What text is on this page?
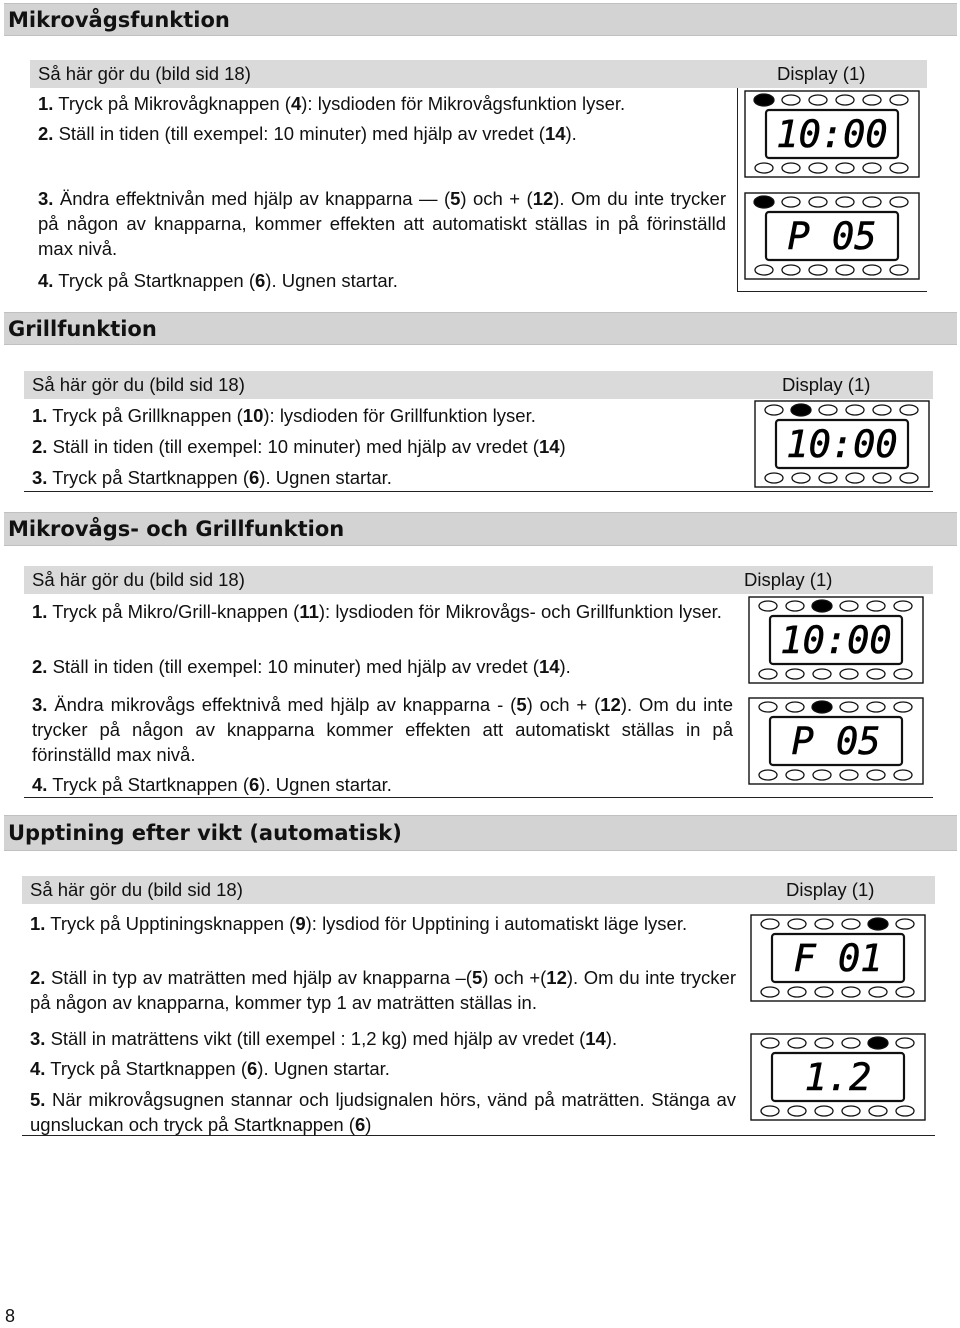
Mikrovågsfunktion
Så här gör du (bild sid 18)	Display (1)
1. Tryck på Mikrovågknappen (4): lysdioden för Mikrovågsfunktion lyser.
2. Ställ in tiden (till exempel: 10 minuter) med hjälp av vredet (14).
3. Ändra effektnivån med hjälp av knapparna — (5) och + (12). Om du inte trycker på någon av knapparna, kommer effekten att automatiskt ställas in på förinställd max nivå.
4. Tryck på Startknappen (6). Ugnen startar.
10:00
P 05
Grillfunktion
Så här gör du (bild sid 18)	Display (1)
1. Tryck på Grillknappen (10): lysdioden för Grillfunktion lyser.
2. Ställ in tiden (till exempel: 10 minuter) med hjälp av vredet (14)
3. Tryck på Startknappen (6). Ugnen startar.
10:00
Mikrovågs- och Grillfunktion
Så här gör du (bild sid 18)	Display (1)
1. Tryck på Mikro/Grill-knappen (11): lysdioden för Mikrovågs- och Grillfunktion lyser.
2. Ställ in tiden (till exempel: 10 minuter) med hjälp av vredet (14).
3. Ändra mikrovågs effektnivå med hjälp av knapparna - (5) och + (12). Om du inte trycker på någon av knapparna kommer effekten att automatiskt ställas in på förinställd max nivå.
4. Tryck på Startknappen (6). Ugnen startar.
10:00
P 05
Upptining efter vikt (automatisk)
Så här gör du (bild sid 18)	Display (1)
1. Tryck på Upptiningsknappen (9): lysdiod för Upptining i automatiskt läge lyser.
2. Ställ in typ av maträtten med hjälp av knapparna –(5) och +(12). Om du inte trycker på någon av knapparna, kommer typ 1 av maträtten ställas in.
3. Ställ in maträttens vikt (till exempel : 1,2 kg) med hjälp av vredet (14).
4. Tryck på Startknappen (6). Ugnen startar.
5. När mikrovågsugnen stannar och ljudsignalen hörs, vänd på maträtten. Stänga av ugnsluckan och tryck på Startknappen (6)
F 01
1.2
8
